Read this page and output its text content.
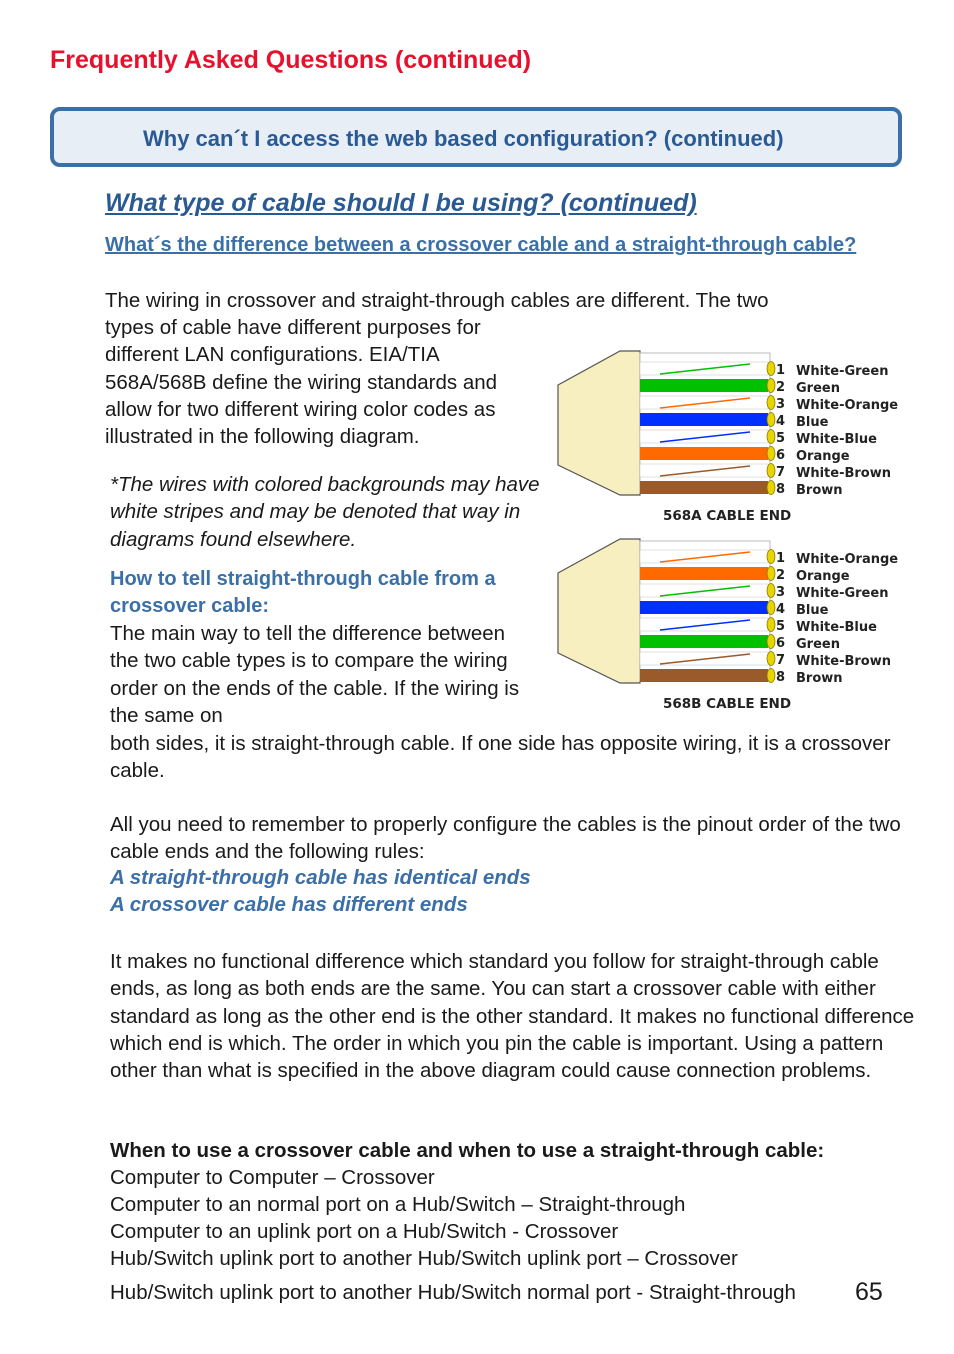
Frequently Asked Questions (continued)
Why can´t I access the web based configuration? (continued)
What type of cable should I be using? (continued)
What´s the difference between a crossover cable and a straight-through cable?
The wiring in crossover and straight-through cables are different. The two
types of cable have different purposes for different LAN configurations. EIA/TIA 568A/568B define the wiring standards and allow for two different wiring color codes as illustrated in the following diagram.
*The wires with colored backgrounds may have white stripes and may be denoted that way in diagrams found elsewhere.
How to tell straight-through cable from a crossover cable:
The main way to tell the difference between the two cable types is to compare the wiring order on the ends of the cable. If the wiring is the same on
both sides, it is straight-through cable. If one side has opposite wiring, it is a crossover cable.
All you need to remember to properly configure the cables is the pinout order of the two cable ends and the following rules:
A straight-through cable has identical ends
A crossover cable has different ends
It makes no functional difference which standard you follow for straight-through cable ends, as long as both ends are the same. You can start a crossover cable with either standard as long as the other end is the other standard. It makes no functional difference which end is which. The order in which you pin the cable is important. Using a pattern other than what is specified in the above diagram could cause connection problems.
When to use a crossover cable and when to use a straight-through cable:
Computer to Computer – Crossover
Computer to an normal port on a Hub/Switch – Straight-through
Computer to an uplink port on a Hub/Switch - Crossover
Hub/Switch uplink port to another Hub/Switch uplink port – Crossover
Hub/Switch uplink port to another Hub/Switch normal port - Straight-through	65
1 White-Green
2 Green
3 White-Orange
4 Blue
5 White-Blue
6 Orange
7 White-Brown
8 Brown
568A CABLE END
1 White-Orange
2 Orange
3 White-Green
4 Blue
5 White-Blue
6 Green
7 White-Brown
8 Brown
568B CABLE END
